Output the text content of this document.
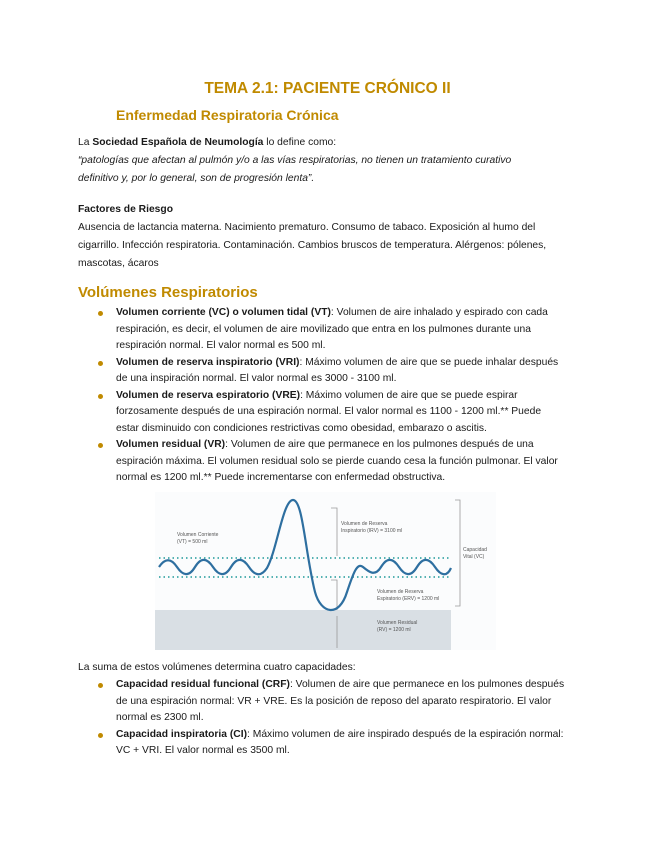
TEMA 2.1: PACIENTE CRÓNICO II
Enfermedad Respiratoria Crónica
La Sociedad Española de Neumología lo define como:
“patologías que afectan al pulmón y/o a las vías respiratorias, no tienen un tratamiento curativo
definitivo y, por lo general, son de progresión lenta”.
Factores de Riesgo
Ausencia de lactancia materna. Nacimiento prematuro. Consumo de tabaco. Exposición al humo del
cigarrillo. Infección respiratoria. Contaminación. Cambios bruscos de temperatura. Alérgenos: pólenes,
mascotas, ácaros
Volúmenes Respiratorios
Volumen corriente (VC) o volumen tidal (VT): Volumen de aire inhalado y espirado con cada
respiración, es decir, el volumen de aire movilizado que entra en los pulmones durante una
respiración normal. El valor normal es 500 ml.
Volumen de reserva inspiratorio (VRI): Máximo volumen de aire que se puede inhalar después
de una inspiración normal. El valor normal es 3000 - 3100 ml.
Volumen de reserva espiratorio (VRE): Máximo volumen de aire que se puede espirar
forzosamente después de una espiración normal. El valor normal es 1100 - 1200 ml.** Puede
estar disminuido con condiciones restrictivas como obesidad, embarazo o ascitis.
Volumen residual (VR): Volumen de aire que permanece en los pulmones después de una
espiración máxima. El volumen residual solo se pierde cuando cesa la función pulmonar. El valor
normal es 1200 ml.** Puede incrementarse con enfermedad obstructiva.
Volumen Corriente
(VT) = 500 ml
Volumen de Reserva
Inspiratorio (IRV) = 3100 ml
Capacidad
Vital (VC)
Volumen de Reserva
Espiratorio (ERV) = 1200 ml
Volumen Residual
(RV) = 1200 ml
La suma de estos volúmenes determina cuatro capacidades:
Capacidad residual funcional (CRF): Volumen de aire que permanece en los pulmones después
de una espiración normal: VR + VRE. Es la posición de reposo del aparato respiratorio. El valor
normal es 2300 ml.
Capacidad inspiratoria (CI): Máximo volumen de aire inspirado después de la espiración normal:
VC + VRI. El valor normal es 3500 ml.
